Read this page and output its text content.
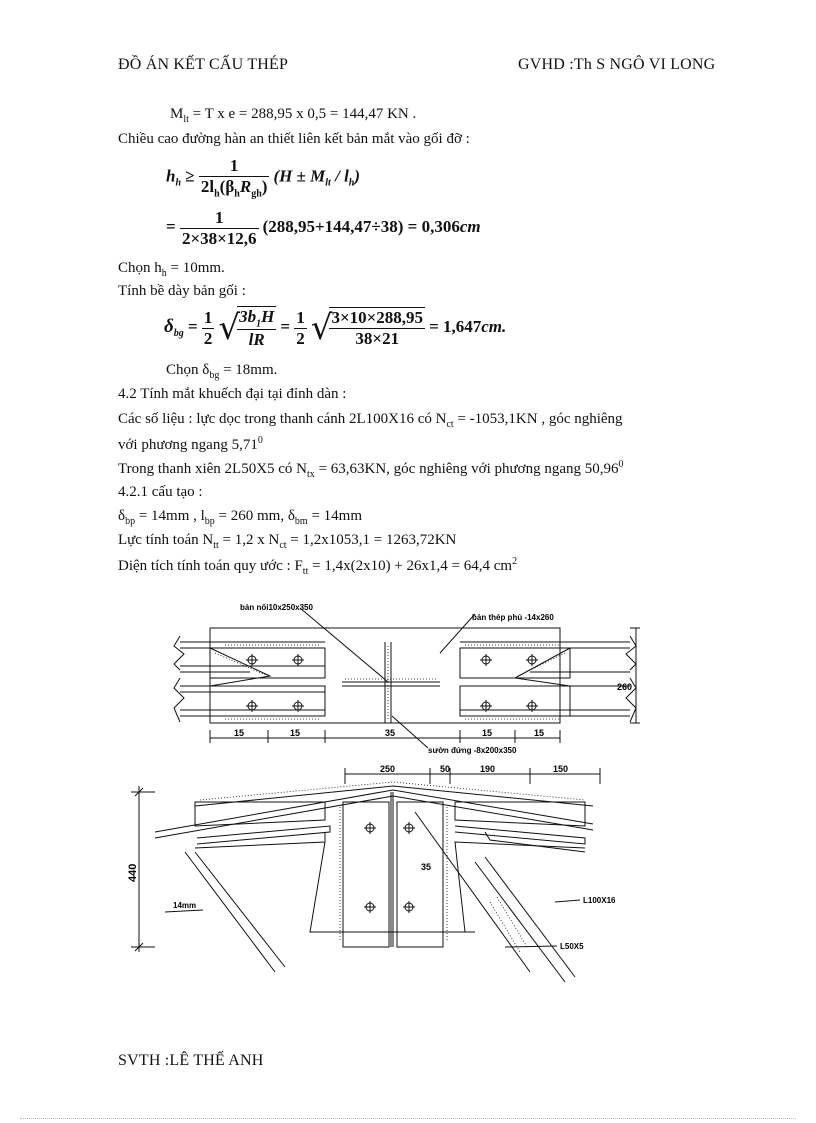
ĐỒ ÁN KẾT CẤU THÉP	GVHD :Th S NGÔ VI LONG
$M_{lt} = T$ x e = 288,95 x 0,5 = 144,47 KN .
Chiều cao đường hàn an thiết liên kết bản mắt vào gối đỡ :
$h_h \ge \frac{1}{2l_h(\beta_hR_{gh})} (H \pm M_{lt} / l_h)$
= $\frac{1}{2\times 38\times 12,6} (288,95+144,47\div 38) = 0,306cm$
Chọn $h_h = 10mm$.
Tính bề dày bản gối :
$\delta_{bg} = \frac{1}{2}$ √
$\frac{3b_1H}{lR} = \frac{1}{2}$ √
$\frac{3\times 10\times 288,95}{38\times 21} = 1,647cm$.
Chọn $\delta_{bg} = 18mm$.
4.2 Tính mắt khuếch đại tại đỉnh dàn :
Các số liệu : lực dọc trong thanh cánh 2L100X16 có $N_{ct} = -1053,1KN$ , góc nghiêng
với phương ngang 5,71$^0$
Trong thanh xiên 2L50X5 có $N_{tx} = 63,63KN$, góc nghiêng với phương ngang 50,96$^0$
4.2.1 cấu tạo :
$\delta_{bp} = 14mm$ , $l_{bp} = 260$ mm, $\delta_{bm} = 14mm$
Lực tính toán $N_{tt} = 1,2$ x $N_{ct} = 1,2x1053,1 = 1263,72KN$
Diện tích tính toán quy ước : $F_{tt} = 1,4x(2x10) + 26x1,4 = 64,4$ $cm^2$
bản nối10x250x350
bản thép phủ -14x260
sườn đứng -8x200x350
15	15	35	15	15
260
250	50	190	150
440	35
14mm
L100X16
L50X5
SVTH :LÊ THẾ ANH
